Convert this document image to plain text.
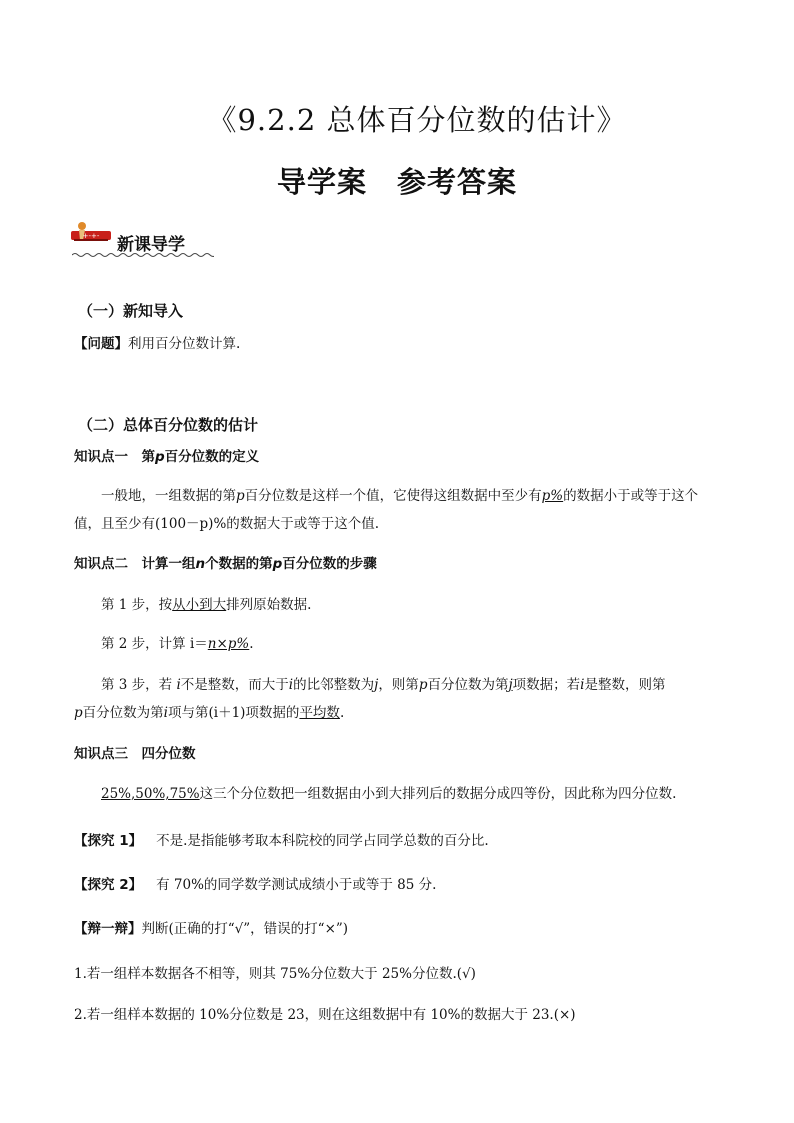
《9.2.2 总体百分位数的估计》
导学案　参考答案
+-+- 新课导学
（一）新知导入
【问题】利用百分位数计算.
（二）总体百分位数的估计
知识点一　第p百分位数的定义
一般地，一组数据的第p百分位数是这样一个值，它使得这组数据中至少有p%的数据小于或等于这个
值，且至少有(100－p)%的数据大于或等于这个值.
知识点二　计算一组n个数据的第p百分位数的步骤
第 1 步，按从小到大排列原始数据.
第 2 步，计算 i＝n×p%.
第 3 步，若 i不是整数，而大于i的比邻整数为j，则第p百分位数为第j项数据；若i是整数，则第
p百分位数为第i项与第(i＋1)项数据的平均数.
知识点三　四分位数
25%,50%,75%这三个分位数把一组数据由小到大排列后的数据分成四等份，因此称为四分位数.
【探究 1】 不是.是指能够考取本科院校的同学占同学总数的百分比.
【探究 2】 有 70%的同学数学测试成绩小于或等于 85 分.
【辩一辩】判断(正确的打“√”，错误的打“×”)
1.若一组样本数据各不相等，则其 75%分位数大于 25%分位数.(√)
2.若一组样本数据的 10%分位数是 23，则在这组数据中有 10%的数据大于 23.(×)
